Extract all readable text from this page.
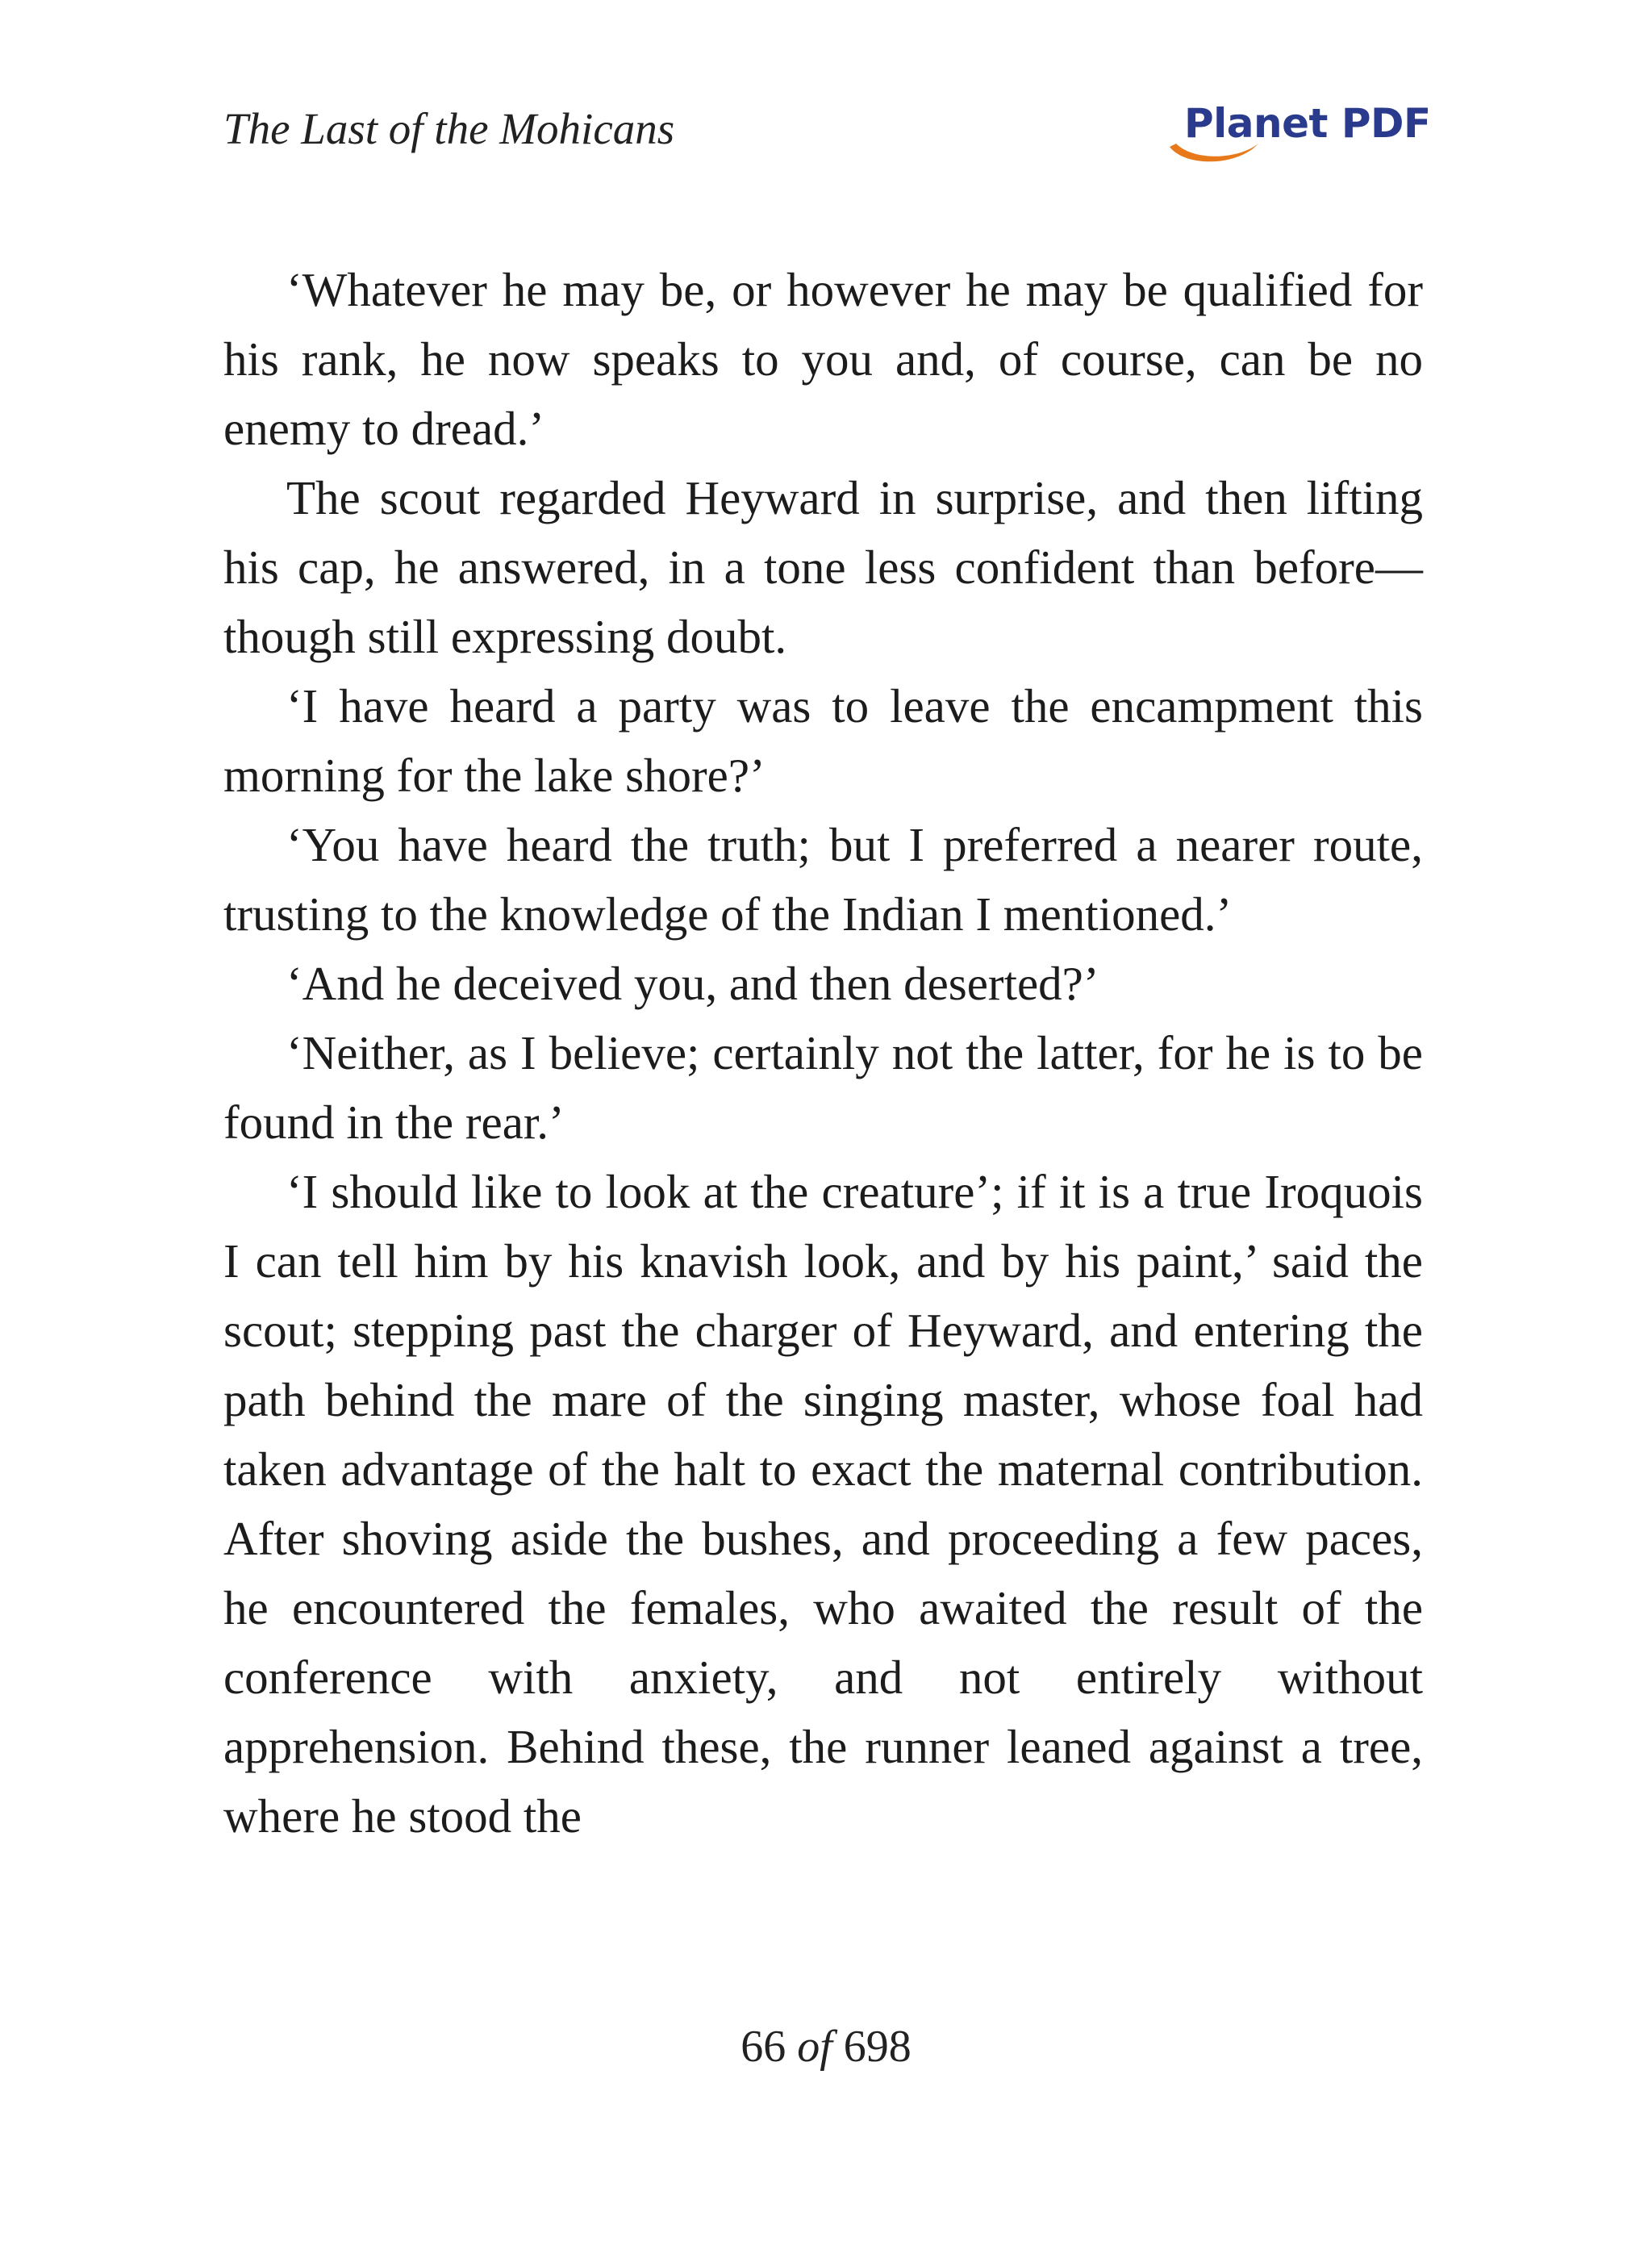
The Last of the Mohicans	Planet PDF

‘Whatever he may be, or however he may be qualified for his rank, he now speaks to you and, of course, can be no enemy to dread.’

The scout regarded Heyward in surprise, and then lifting his cap, he answered, in a tone less confident than before— though still expressing doubt.

‘I have heard a party was to leave the encampment this morning for the lake shore?’

‘You have heard the truth; but I preferred a nearer route, trusting to the knowledge of the Indian I mentioned.’

‘And he deceived you, and then deserted?’

‘Neither, as I believe; certainly not the latter, for he is to be found in the rear.’

‘I should like to look at the creature’; if it is a true Iroquois I can tell him by his knavish look, and by his paint,’ said the scout; stepping past the charger of Heyward, and entering the path behind the mare of the singing master, whose foal had taken advantage of the halt to exact the maternal contribution. After shoving aside the bushes, and proceeding a few paces, he encountered the females, who awaited the result of the conference with anxiety, and not entirely without apprehension. Behind these, the runner leaned against a tree, where he stood the

66 of 698
